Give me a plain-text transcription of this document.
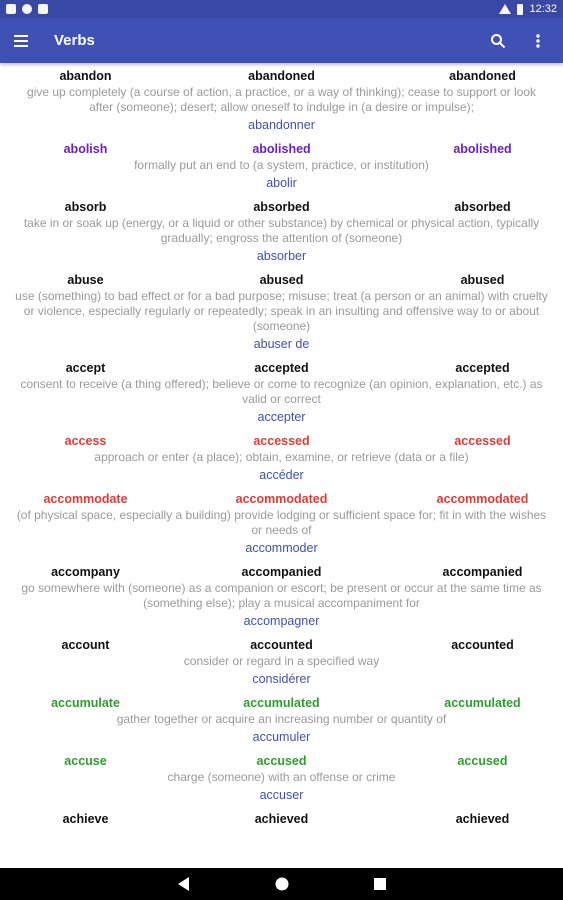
12:32
Verbs
abandon	abandoned	abandoned
give up completely (a course of action, a practice, or a way of thinking); cease to support or look after (someone); desert; allow oneself to indulge in (a desire or impulse);
abandonner
abolish	abolished	abolished
formally put an end to (a system, practice, or institution)
abolir
absorb	absorbed	absorbed
take in or soak up (energy, or a liquid or other substance) by chemical or physical action, typically gradually; engross the attention of (someone)
absorber
abuse	abused	abused
use (something) to bad effect or for a bad purpose; misuse; treat (a person or an animal) with cruelty or violence, especially regularly or repeatedly; speak in an insulting and offensive way to or about (someone)
abuser de
accept	accepted	accepted
consent to receive (a thing offered); believe or come to recognize (an opinion, explanation, etc.) as valid or correct
accepter
access	accessed	accessed
approach or enter (a place); obtain, examine, or retrieve (data or a file)
accéder
accommodate	accommodated	accommodated
(of physical space, especially a building) provide lodging or sufficient space for; fit in with the wishes or needs of
accommoder
accompany	accompanied	accompanied
go somewhere with (someone) as a companion or escort; be present or occur at the same time as (something else); play a musical accompaniment for
accompagner
account	accounted	accounted
consider or regard in a specified way
considérer
accumulate	accumulated	accumulated
gather together or acquire an increasing number or quantity of
accumuler
accuse	accused	accused
charge (someone) with an offense or crime
accuser
achieve	achieved	achieved
